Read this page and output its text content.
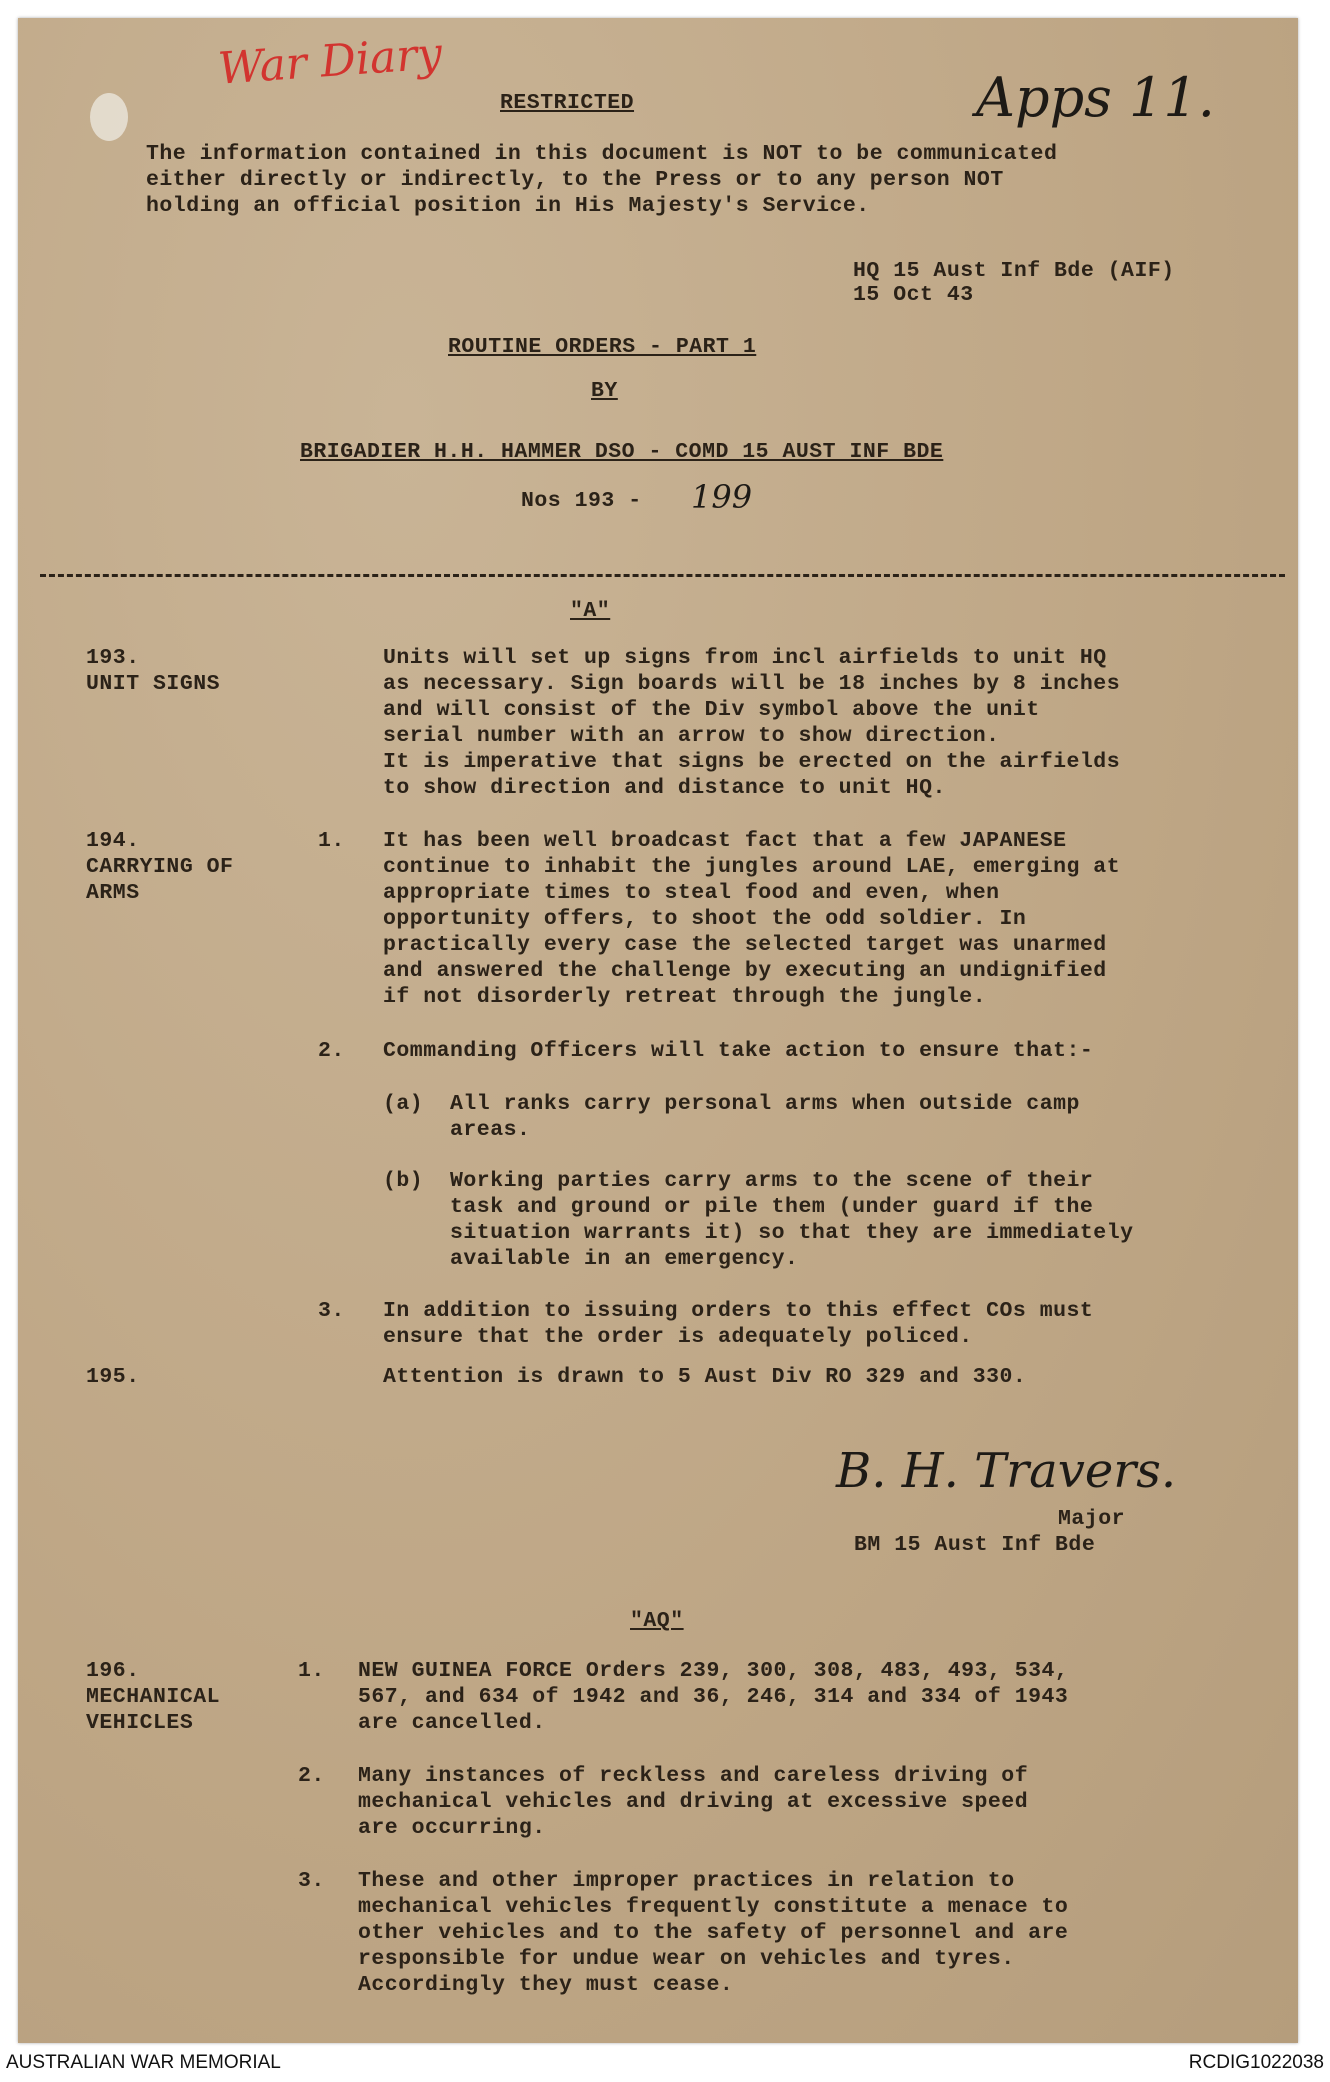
War Diary
Apps 11.
RESTRICTED
The information contained in this document is NOT to be communicated
either directly or indirectly, to the Press or to any person NOT
holding an official position in His Majesty's Service.
HQ 15 Aust Inf Bde (AIF)
15 Oct 43
ROUTINE ORDERS - PART 1
BY
BRIGADIER H.H. HAMMER DSO - COMD 15 AUST INF BDE
Nos 193 - 199
"A"
193.
UNIT SIGNS
Units will set up signs from incl airfields to unit HQ
as necessary. Sign boards will be 18 inches by 8 inches
and will consist of the Div symbol above the unit
serial number with an arrow to show direction.
It is imperative that signs be erected on the airfields
to show direction and distance to unit HQ.
194.
CARRYING OF
ARMS
1. It has been well broadcast fact that a few JAPANESE
continue to inhabit the jungles around LAE, emerging at
appropriate times to steal food and even, when
opportunity offers, to shoot the odd soldier. In
practically every case the selected target was unarmed
and answered the challenge by executing an undignified
if not disorderly retreat through the jungle.
2. Commanding Officers will take action to ensure that:-
(a) All ranks carry personal arms when outside camp
areas.
(b) Working parties carry arms to the scene of their
task and ground or pile them (under guard if the
situation warrants it) so that they are immediately
available in an emergency.
3. In addition to issuing orders to this effect COs must
ensure that the order is adequately policed.
195.	Attention is drawn to 5 Aust Div RO 329 and 330.
B. H. Travers.
Major
BM 15 Aust Inf Bde
"AQ"
196.
MECHANICAL
VEHICLES
1. NEW GUINEA FORCE Orders 239, 300, 308, 483, 493, 534,
567, and 634 of 1942 and 36, 246, 314 and 334 of 1943
are cancelled.
2. Many instances of reckless and careless driving of
mechanical vehicles and driving at excessive speed
are occurring.
3. These and other improper practices in relation to
mechanical vehicles frequently constitute a menace to
other vehicles and to the safety of personnel and are
responsible for undue wear on vehicles and tyres.
Accordingly they must cease.
AUSTRALIAN WAR MEMORIAL	RCDIG1022038
